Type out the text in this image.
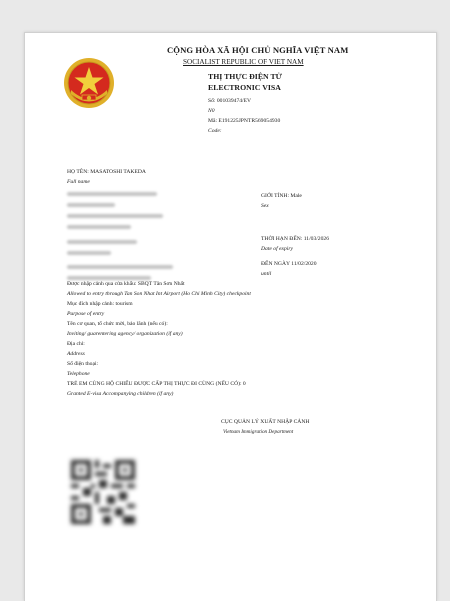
CỘNG HÒA XÃ HỘI CHỦ NGHĨA VIỆT NAM
SOCIALIST REPUBLIC OF VIET NAM
THỊ THỰC ĐIỆN TỬ
ELECTRONIC VISA
Số: 001039474/EV
N0
Mã: E191225JPNTR569054930
Code:
HỌ TÊN: MASATOSHI TAKEDA
Full name
GIỚI TÍNH: Male
Sex
THỜI HẠN ĐẾN: 11/03/2026
Date of expiry
ĐẾN NGÀY 11/02/2020
until
Được nhập cảnh qua cửa khẩu: SBQT Tân Sơn Nhất
Allowed to entry through Tan Son Nhat Int Airport (Ho Chi Minh City) checkpoint
Mục đích nhập cảnh: tourism
Purpose of entry
Tên cơ quan, tổ chức mời, bảo lãnh (nếu có):
Inviting/ guarentering agency/ organization (if any)
Địa chỉ:
Address
Số điện thoại:
Telephone
TRẺ EM CÙNG HỘ CHIẾU ĐƯỢC CẤP THỊ THỰC ĐI CÙNG (NẾU CÓ): 0
Granted E-visa Accompanying children (if any)
CỤC QUẢN LÝ XUẤT NHẬP CẢNH
Vietnam Immigration Department
